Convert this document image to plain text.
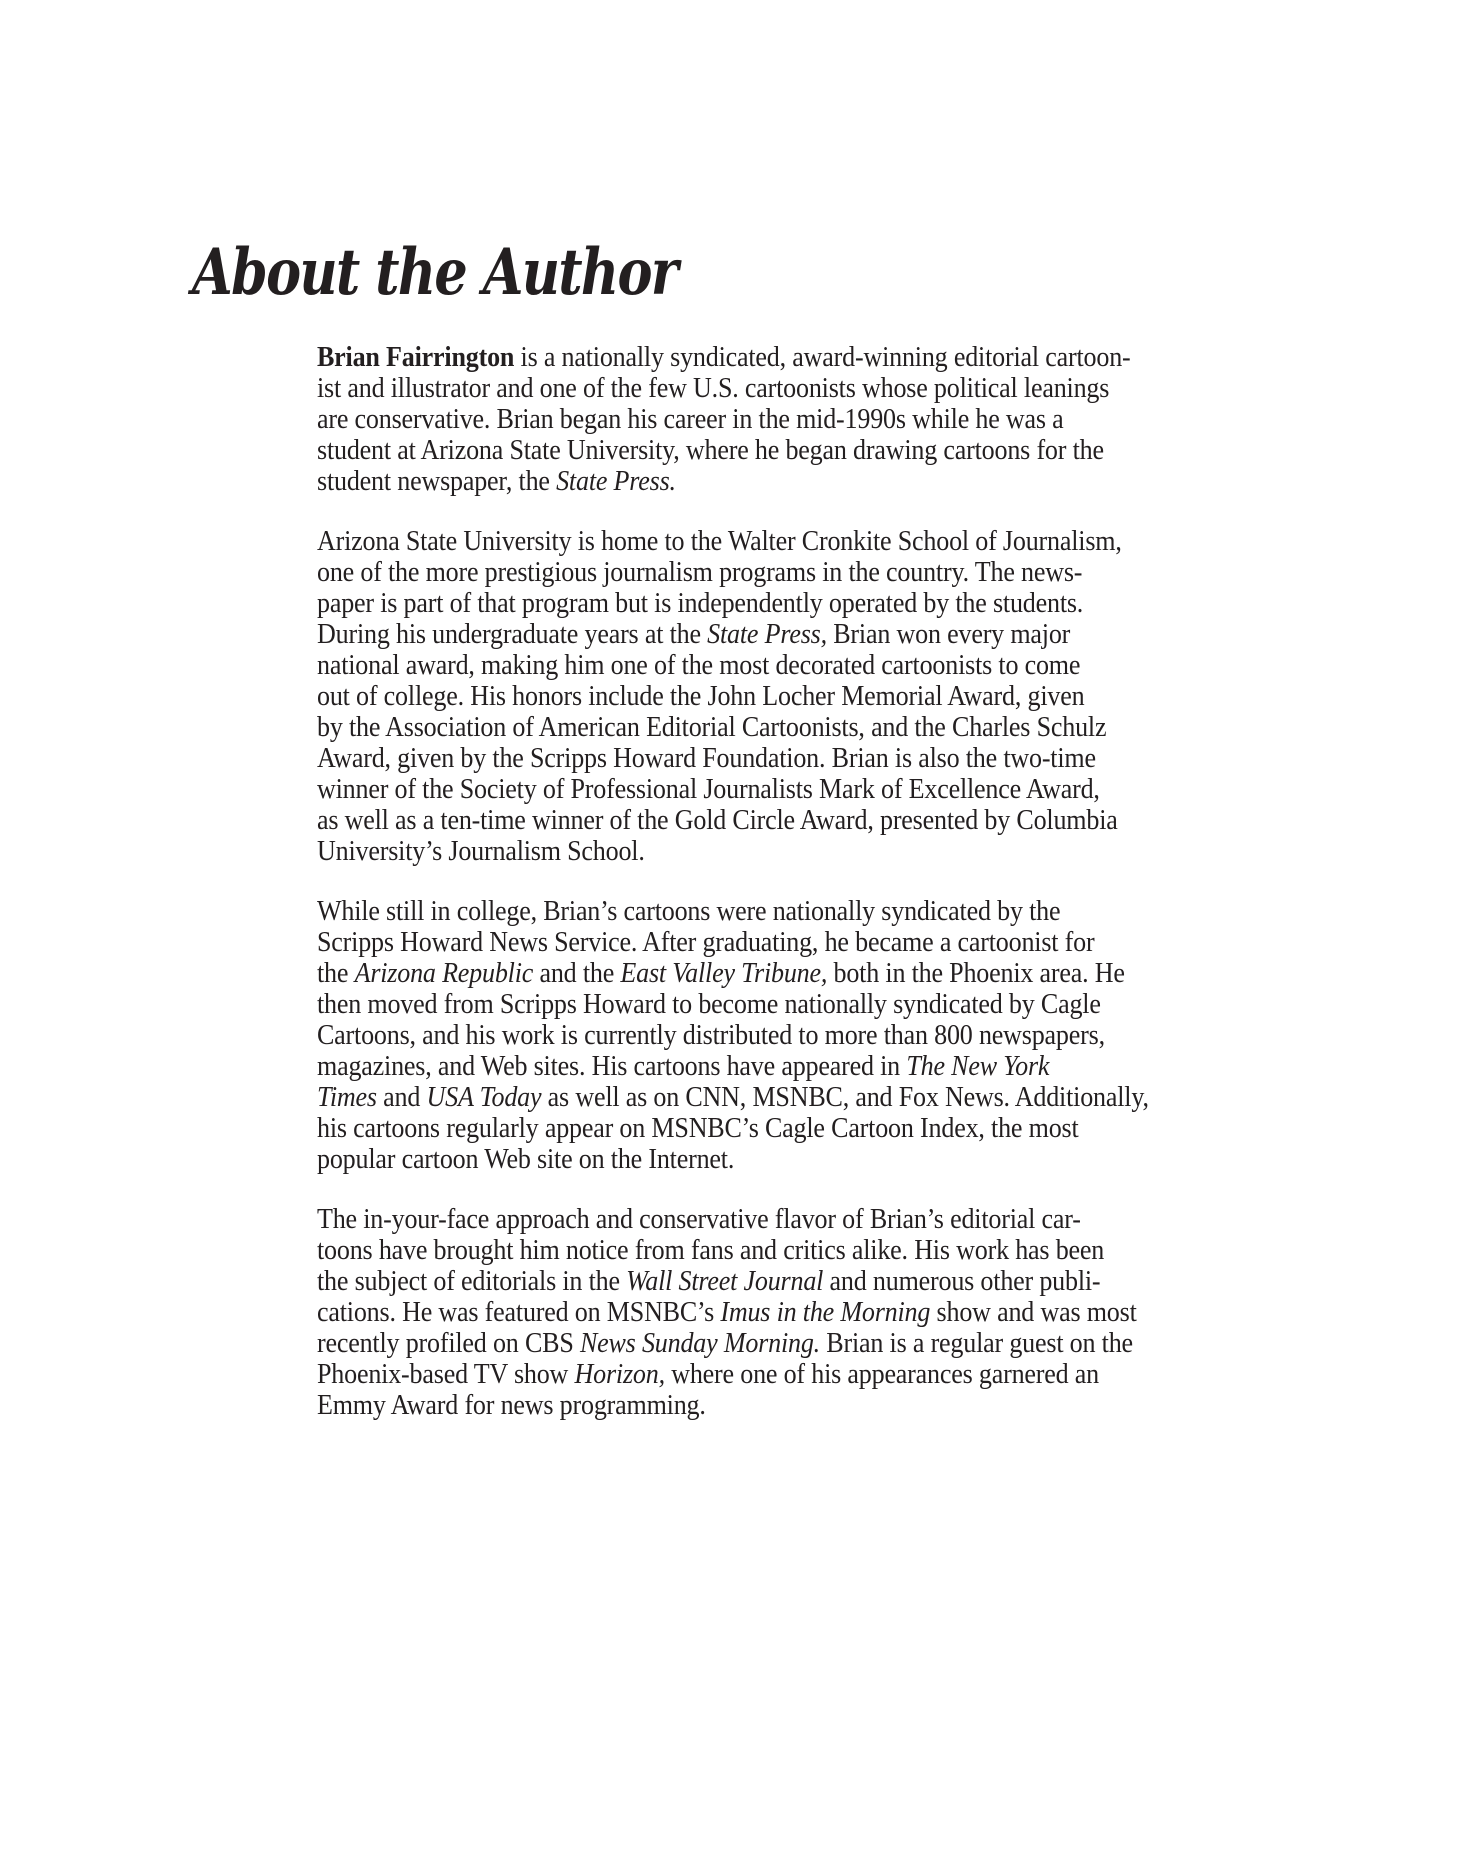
About the Author
Brian Fairrington is a nationally syndicated, award-winning editorial cartoon-
ist and illustrator and one of the few U.S. cartoonists whose political leanings
are conservative. Brian began his career in the mid-1990s while he was a
student at Arizona State University, where he began drawing cartoons for the
student newspaper, the State Press.
Arizona State University is home to the Walter Cronkite School of Journalism,
one of the more prestigious journalism programs in the country. The news-
paper is part of that program but is independently operated by the students.
During his undergraduate years at the State Press, Brian won every major
national award, making him one of the most decorated cartoonists to come
out of college. His honors include the John Locher Memorial Award, given
by the Association of American Editorial Cartoonists, and the Charles Schulz
Award, given by the Scripps Howard Foundation. Brian is also the two-time
winner of the Society of Professional Journalists Mark of Excellence Award,
as well as a ten-time winner of the Gold Circle Award, presented by Columbia
University’s Journalism School.
While still in college, Brian’s cartoons were nationally syndicated by the
Scripps Howard News Service. After graduating, he became a cartoonist for
the Arizona Republic and the East Valley Tribune, both in the Phoenix area. He
then moved from Scripps Howard to become nationally syndicated by Cagle
Cartoons, and his work is currently distributed to more than 800 newspapers,
magazines, and Web sites. His cartoons have appeared in The New York
Times and USA Today as well as on CNN, MSNBC, and Fox News. Additionally,
his cartoons regularly appear on MSNBC’s Cagle Cartoon Index, the most
popular cartoon Web site on the Internet.
The in-your-face approach and conservative flavor of Brian’s editorial car-
toons have brought him notice from fans and critics alike. His work has been
the subject of editorials in the Wall Street Journal and numerous other publi-
cations. He was featured on MSNBC’s Imus in the Morning show and was most
recently profiled on CBS News Sunday Morning. Brian is a regular guest on the
Phoenix-based TV show Horizon, where one of his appearances garnered an
Emmy Award for news programming.
